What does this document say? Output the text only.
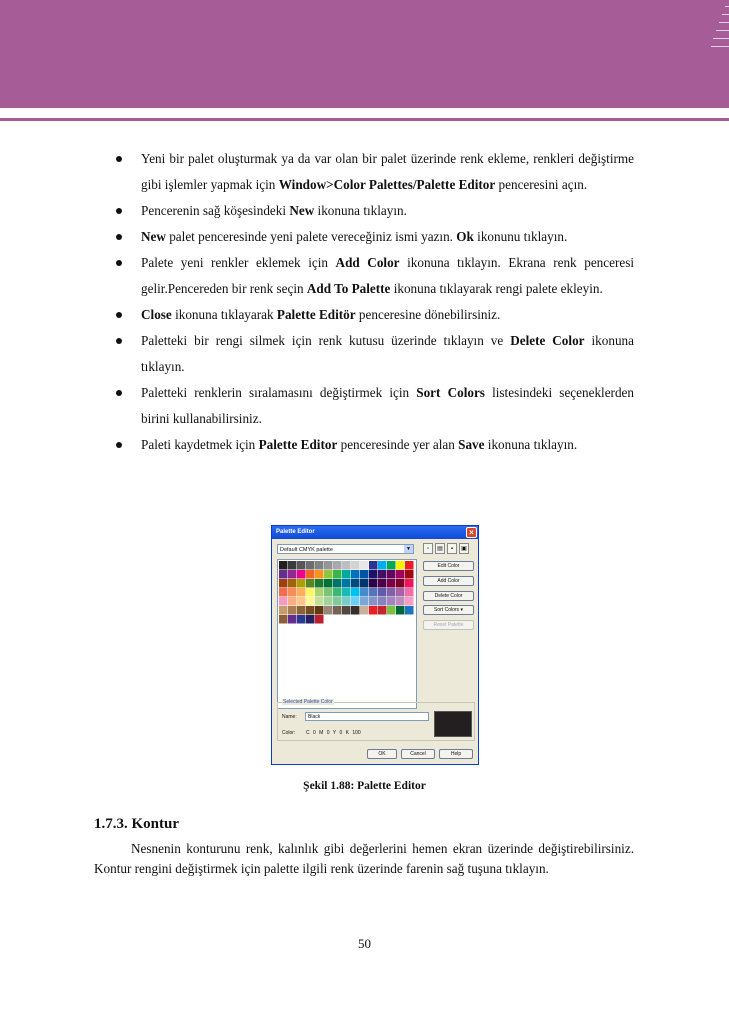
Yeni bir palet oluşturmak ya da var olan bir palet üzerinde renk ekleme, renkleri değiştirme gibi işlemler yapmak için Window>Color Palettes/Palette Editor penceresini açın.
Pencerenin sağ köşesindeki New ikonuna tıklayın.
New palet penceresinde yeni palete vereceğiniz ismi yazın. Ok ikonunu tıklayın.
Palete yeni renkler eklemek için Add Color ikonuna tıklayın. Ekrana renk penceresi gelir.Pencereden bir renk seçin Add To Palette ikonuna tıklayarak rengi palete ekleyin.
Close ikonuna tıklayarak Palette Editör penceresine dönebilirsiniz.
Paletteki bir rengi silmek için renk kutusu üzerinde tıklayın ve Delete Color ikonuna tıklayın.
Paletteki renklerin sıralamasını değiştirmek için Sort Colors listesindeki seçeneklerden birini kullanabilirsiniz.
Paleti kaydetmek için Palette Editor penceresinde yer alan Save ikonuna tıklayın.
Palette Editor	×
Default CMYK palette	▼	▫	▤	▪	▣
Edit Color
Add Color
Delete Color
Sort Colors ▾
Reset Palette
Selected Palette Color
Name:	Black
Color: C 0 M 0 Y 0 K 100
OK	Cancel	Help
Şekil 1.88: Palette Editor
1.7.3. Kontur
Nesnenin konturunu renk, kalınlık gibi değerlerini hemen ekran üzerinde değiştirebilirsiniz. Kontur rengini değiştirmek için palette ilgili renk üzerinde farenin sağ tuşuna tıklayın.
50
